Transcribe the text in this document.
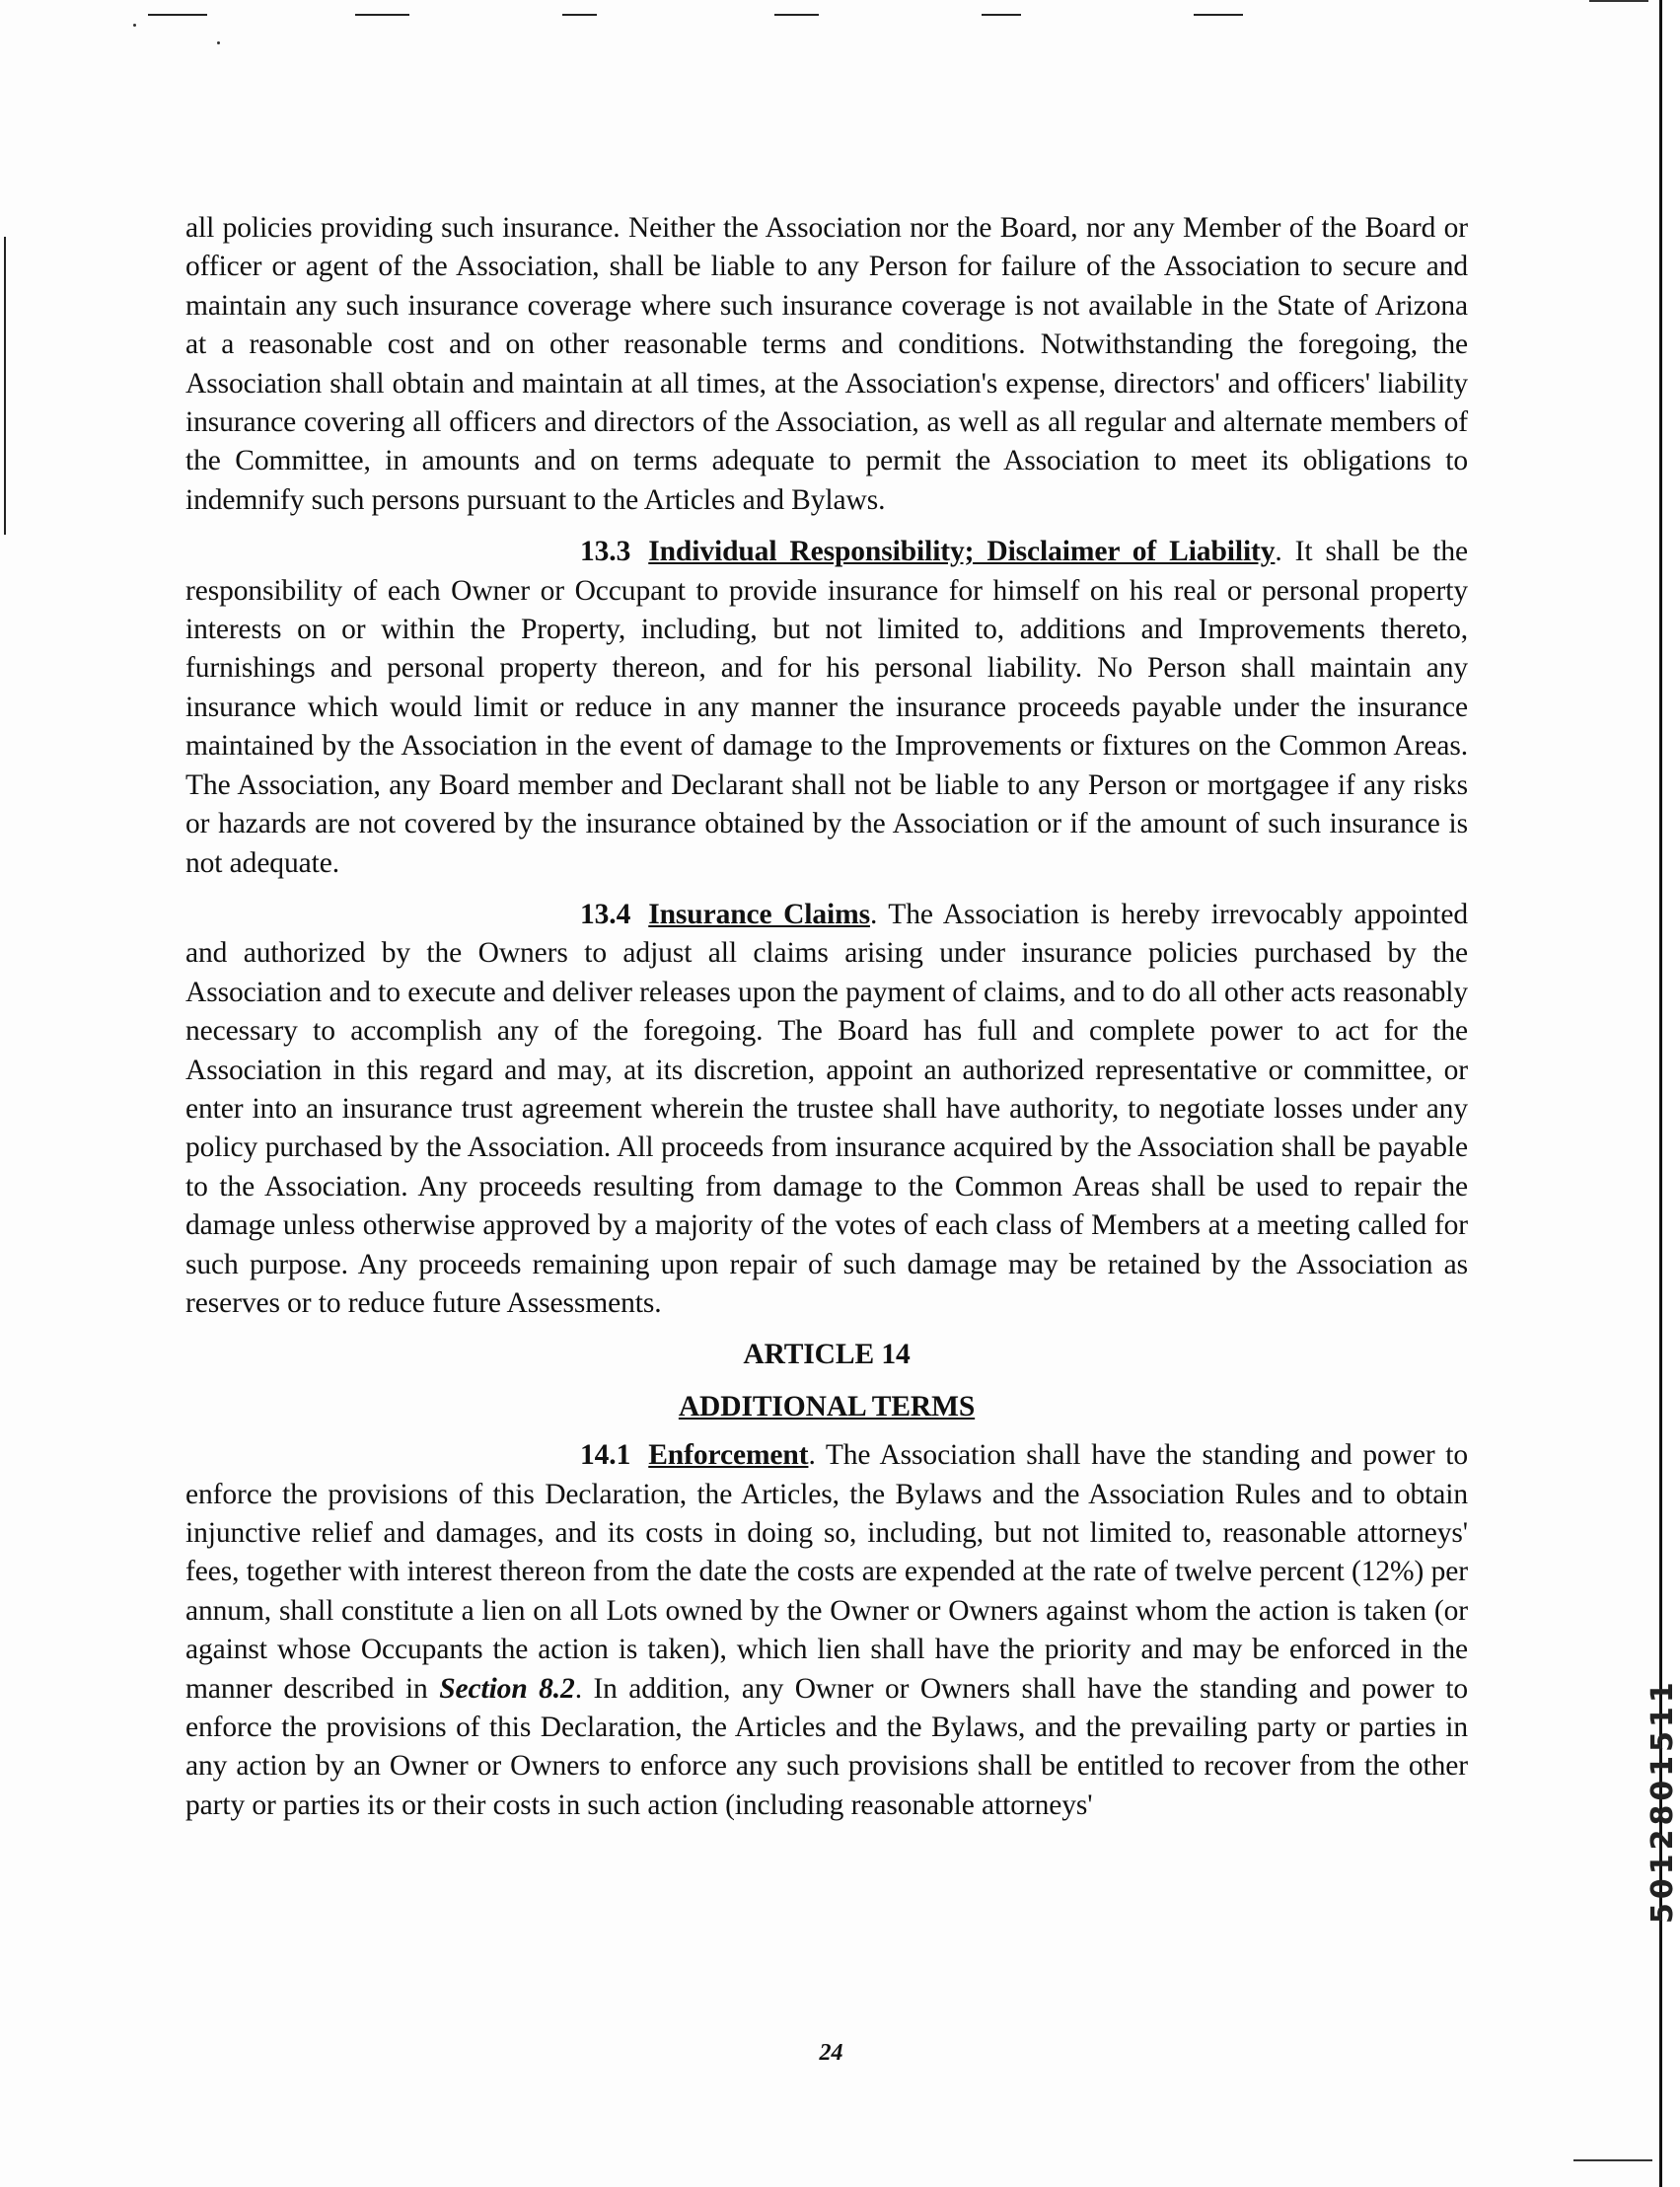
all policies providing such insurance. Neither the Association nor the Board, nor any Member of the Board or officer or agent of the Association, shall be liable to any Person for failure of the Association to secure and maintain any such insurance coverage where such insurance coverage is not available in the State of Arizona at a reasonable cost and on other reasonable terms and conditions. Notwithstanding the foregoing, the Association shall obtain and maintain at all times, at the Association's expense, directors' and officers' liability insurance covering all officers and directors of the Association, as well as all regular and alternate members of the Committee, in amounts and on terms adequate to permit the Association to meet its obligations to indemnify such persons pursuant to the Articles and Bylaws.

13.3 Individual Responsibility; Disclaimer of Liability. It shall be the responsibility of each Owner or Occupant to provide insurance for himself on his real or personal property interests on or within the Property, including, but not limited to, additions and Improvements thereto, furnishings and personal property thereon, and for his personal liability. No Person shall maintain any insurance which would limit or reduce in any manner the insurance proceeds payable under the insurance maintained by the Association in the event of damage to the Improvements or fixtures on the Common Areas. The Association, any Board member and Declarant shall not be liable to any Person or mortgagee if any risks or hazards are not covered by the insurance obtained by the Association or if the amount of such insurance is not adequate.

13.4 Insurance Claims. The Association is hereby irrevocably appointed and authorized by the Owners to adjust all claims arising under insurance policies purchased by the Association and to execute and deliver releases upon the payment of claims, and to do all other acts reasonably necessary to accomplish any of the foregoing. The Board has full and complete power to act for the Association in this regard and may, at its discretion, appoint an authorized representative or committee, or enter into an insurance trust agreement wherein the trustee shall have authority, to negotiate losses under any policy purchased by the Association. All proceeds from insurance acquired by the Association shall be payable to the Association. Any proceeds resulting from damage to the Common Areas shall be used to repair the damage unless otherwise approved by a majority of the votes of each class of Members at a meeting called for such purpose. Any proceeds remaining upon repair of such damage may be retained by the Association as reserves or to reduce future Assessments.

ARTICLE 14

ADDITIONAL TERMS

14.1 Enforcement. The Association shall have the standing and power to enforce the provisions of this Declaration, the Articles, the Bylaws and the Association Rules and to obtain injunctive relief and damages, and its costs in doing so, including, but not limited to, reasonable attorneys' fees, together with interest thereon from the date the costs are expended at the rate of twelve percent (12%) per annum, shall constitute a lien on all Lots owned by the Owner or Owners against whom the action is taken (or against whose Occupants the action is taken), which lien shall have the priority and may be enforced in the manner described in Section 8.2. In addition, any Owner or Owners shall have the standing and power to enforce the provisions of this Declaration, the Articles and the Bylaws, and the prevailing party or parties in any action by an Owner or Owners to enforce any such provisions shall be entitled to recover from the other party or parties its or their costs in such action (including reasonable attorneys'

24
5012801511
